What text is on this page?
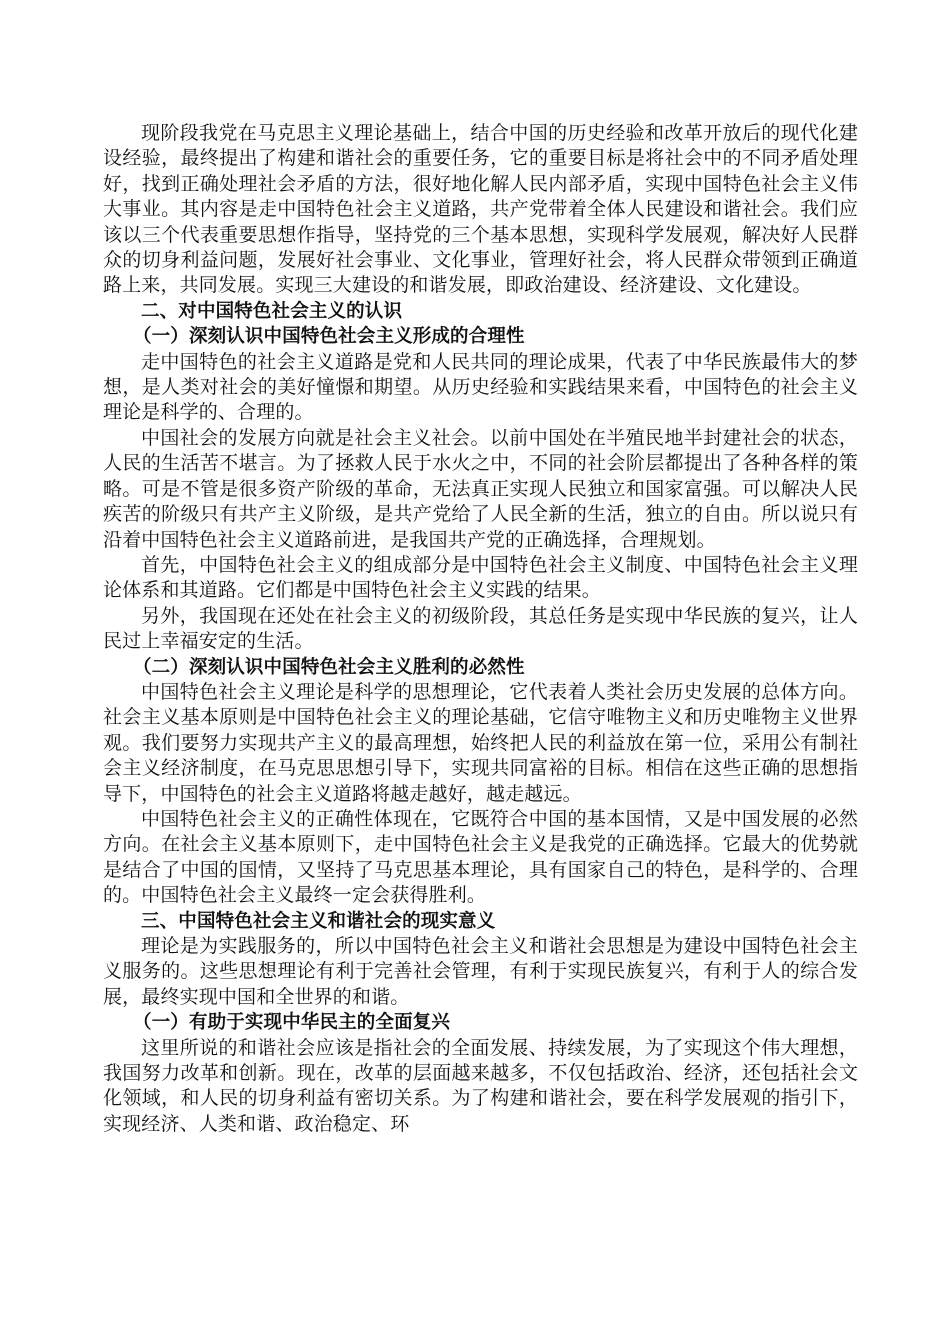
现阶段我党在马克思主义理论基础上，结合中国的历史经验和改革开放后的现代化建设经验，最终提出了构建和谐社会的重要任务，它的重要目标是将社会中的不同矛盾处理好，找到正确处理社会矛盾的方法，很好地化解人民内部矛盾，实现中国特色社会主义伟大事业。其内容是走中国特色社会主义道路，共产党带着全体人民建设和谐社会。我们应该以三个代表重要思想作指导，坚持党的三个基本思想，实现科学发展观，解决好人民群众的切身利益问题，发展好社会事业、文化事业，管理好社会，将人民群众带领到正确道路上来，共同发展。实现三大建设的和谐发展，即政治建设、经济建设、文化建设。

二、对中国特色社会主义的认识

（一）深刻认识中国特色社会主义形成的合理性

走中国特色的社会主义道路是党和人民共同的理论成果，代表了中华民族最伟大的梦想，是人类对社会的美好憧憬和期望。从历史经验和实践结果来看，中国特色的社会主义理论是科学的、合理的。

中国社会的发展方向就是社会主义社会。以前中国处在半殖民地半封建社会的状态，人民的生活苦不堪言。为了拯救人民于水火之中，不同的社会阶层都提出了各种各样的策略。可是不管是很多资产阶级的革命，无法真正实现人民独立和国家富强。可以解决人民疾苦的阶级只有共产主义阶级，是共产党给了人民全新的生活，独立的自由。所以说只有沿着中国特色社会主义道路前进，是我国共产党的正确选择，合理规划。

首先，中国特色社会主义的组成部分是中国特色社会主义制度、中国特色社会主义理论体系和其道路。它们都是中国特色社会主义实践的结果。

另外，我国现在还处在社会主义的初级阶段，其总任务是实现中华民族的复兴，让人民过上幸福安定的生活。

（二）深刻认识中国特色社会主义胜利的必然性

中国特色社会主义理论是科学的思想理论，它代表着人类社会历史发展的总体方向。社会主义基本原则是中国特色社会主义的理论基础，它信守唯物主义和历史唯物主义世界观。我们要努力实现共产主义的最高理想，始终把人民的利益放在第一位，采用公有制社会主义经济制度，在马克思思想引导下，实现共同富裕的目标。相信在这些正确的思想指导下，中国特色的社会主义道路将越走越好，越走越远。

中国特色社会主义的正确性体现在，它既符合中国的基本国情，又是中国发展的必然方向。在社会主义基本原则下，走中国特色社会主义是我党的正确选择。它最大的优势就是结合了中国的国情，又坚持了马克思基本理论，具有国家自己的特色，是科学的、合理的。中国特色社会主义最终一定会获得胜利。

三、中国特色社会主义和谐社会的现实意义

理论是为实践服务的，所以中国特色社会主义和谐社会思想是为建设中国特色社会主义服务的。这些思想理论有利于完善社会管理，有利于实现民族复兴，有利于人的综合发展，最终实现中国和全世界的和谐。

（一）有助于实现中华民主的全面复兴

这里所说的和谐社会应该是指社会的全面发展、持续发展，为了实现这个伟大理想，我国努力改革和创新。现在，改革的层面越来越多，不仅包括政治、经济，还包括社会文化领域，和人民的切身利益有密切关系。为了构建和谐社会，要在科学发展观的指引下，实现经济、人类和谐、政治稳定、环
